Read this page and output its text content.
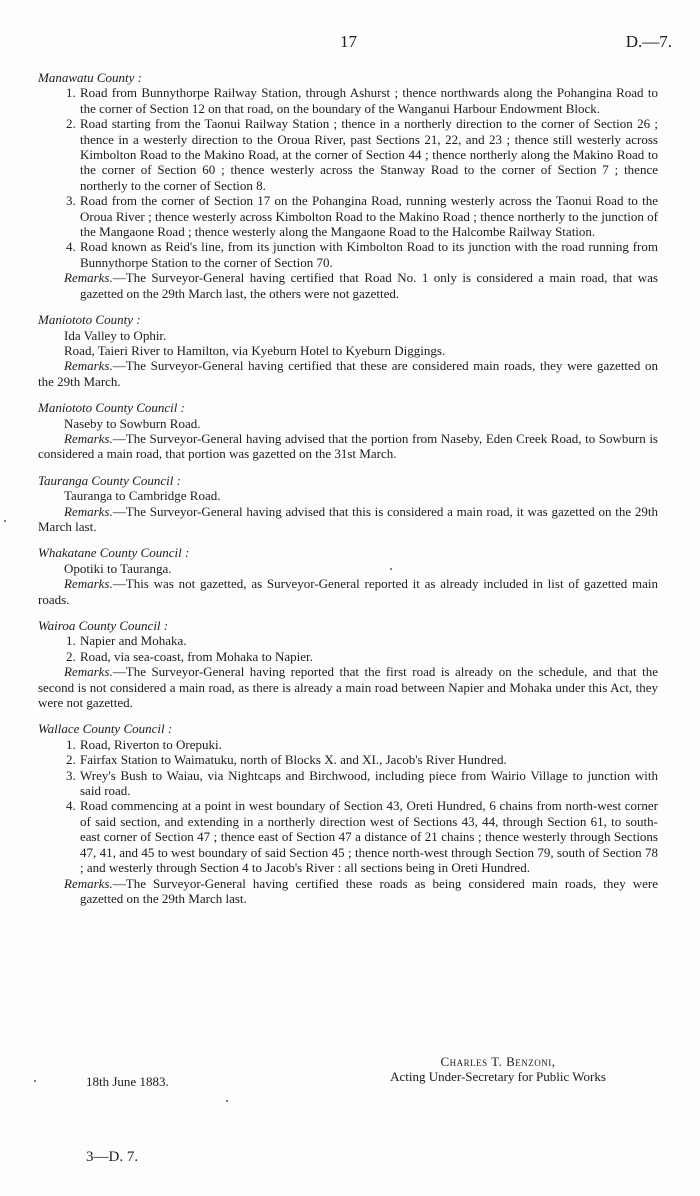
17	D.—7.
Manawatu County :
1. Road from Bunnythorpe Railway Station, through Ashurst ; thence northwards along the Pohangina Road to the corner of Section 12 on that road, on the boundary of the Wanganui Harbour Endowment Block.
2. Road starting from the Taonui Railway Station ; thence in a northerly direction to the corner of Section 26 ; thence in a westerly direction to the Oroua River, past Sections 21, 22, and 23 ; thence still westerly across Kimbolton Road to the Makino Road, at the corner of Section 44 ; thence northerly along the Makino Road to the corner of Section 60 ; thence westerly across the Stanway Road to the corner of Section 7 ; thence northerly to the corner of Section 8.
3. Road from the corner of Section 17 on the Pohangina Road, running westerly across the Taonui Road to the Oroua River ; thence westerly across Kimbolton Road to the Makino Road ; thence northerly to the junction of the Mangaone Road ; thence westerly along the Mangaone Road to the Halcombe Railway Station.
4. Road known as Reid's line, from its junction with Kimbolton Road to its junction with the road running from Bunnythorpe Station to the corner of Section 70.
Remarks.—The Surveyor-General having certified that Road No. 1 only is considered a main road, that was gazetted on the 29th March last, the others were not gazetted.
Maniototo County :
Ida Valley to Ophir.
Road, Taieri River to Hamilton, via Kyeburn Hotel to Kyeburn Diggings.
Remarks.—The Surveyor-General having certified that these are considered main roads, they were gazetted on the 29th March.
Maniototo County Council :
Naseby to Sowburn Road.
Remarks.—The Surveyor-General having advised that the portion from Naseby, Eden Creek Road, to Sowburn is considered a main road, that portion was gazetted on the 31st March.
Tauranga County Council :
Tauranga to Cambridge Road.
Remarks.—The Surveyor-General having advised that this is considered a main road, it was gazetted on the 29th March last.
Whakatane County Council :
Opotiki to Tauranga.
Remarks.—This was not gazetted, as Surveyor-General reported it as already included in list of gazetted main roads.
Wairoa County Council :
1. Napier and Mohaka.
2. Road, via sea-coast, from Mohaka to Napier.
Remarks.—The Surveyor-General having reported that the first road is already on the schedule, and that the second is not considered a main road, as there is already a main road between Napier and Mohaka under this Act, they were not gazetted.
Wallace County Council :
1. Road, Riverton to Orepuki.
2. Fairfax Station to Waimatuku, north of Blocks X. and XI., Jacob's River Hundred.
3. Wrey's Bush to Waiau, via Nightcaps and Birchwood, including piece from Wairio Village to junction with said road.
4. Road commencing at a point in west boundary of Section 43, Oreti Hundred, 6 chains from north-west corner of said section, and extending in a northerly direction west of Sections 43, 44, through Section 61, to south-east corner of Section 47 ; thence east of Section 47 a distance of 21 chains ; thence westerly through Sections 47, 41, and 45 to west boundary of said Section 45 ; thence north-west through Section 79, south of Section 78 ; and westerly through Section 4 to Jacob's River : all sections being in Oreti Hundred.
Remarks.—The Surveyor-General having certified these roads as being considered main roads, they were gazetted on the 29th March last.
18th June 1883.
Charles T. Benzoni,
Acting Under-Secretary for Public Works
3—D. 7.
